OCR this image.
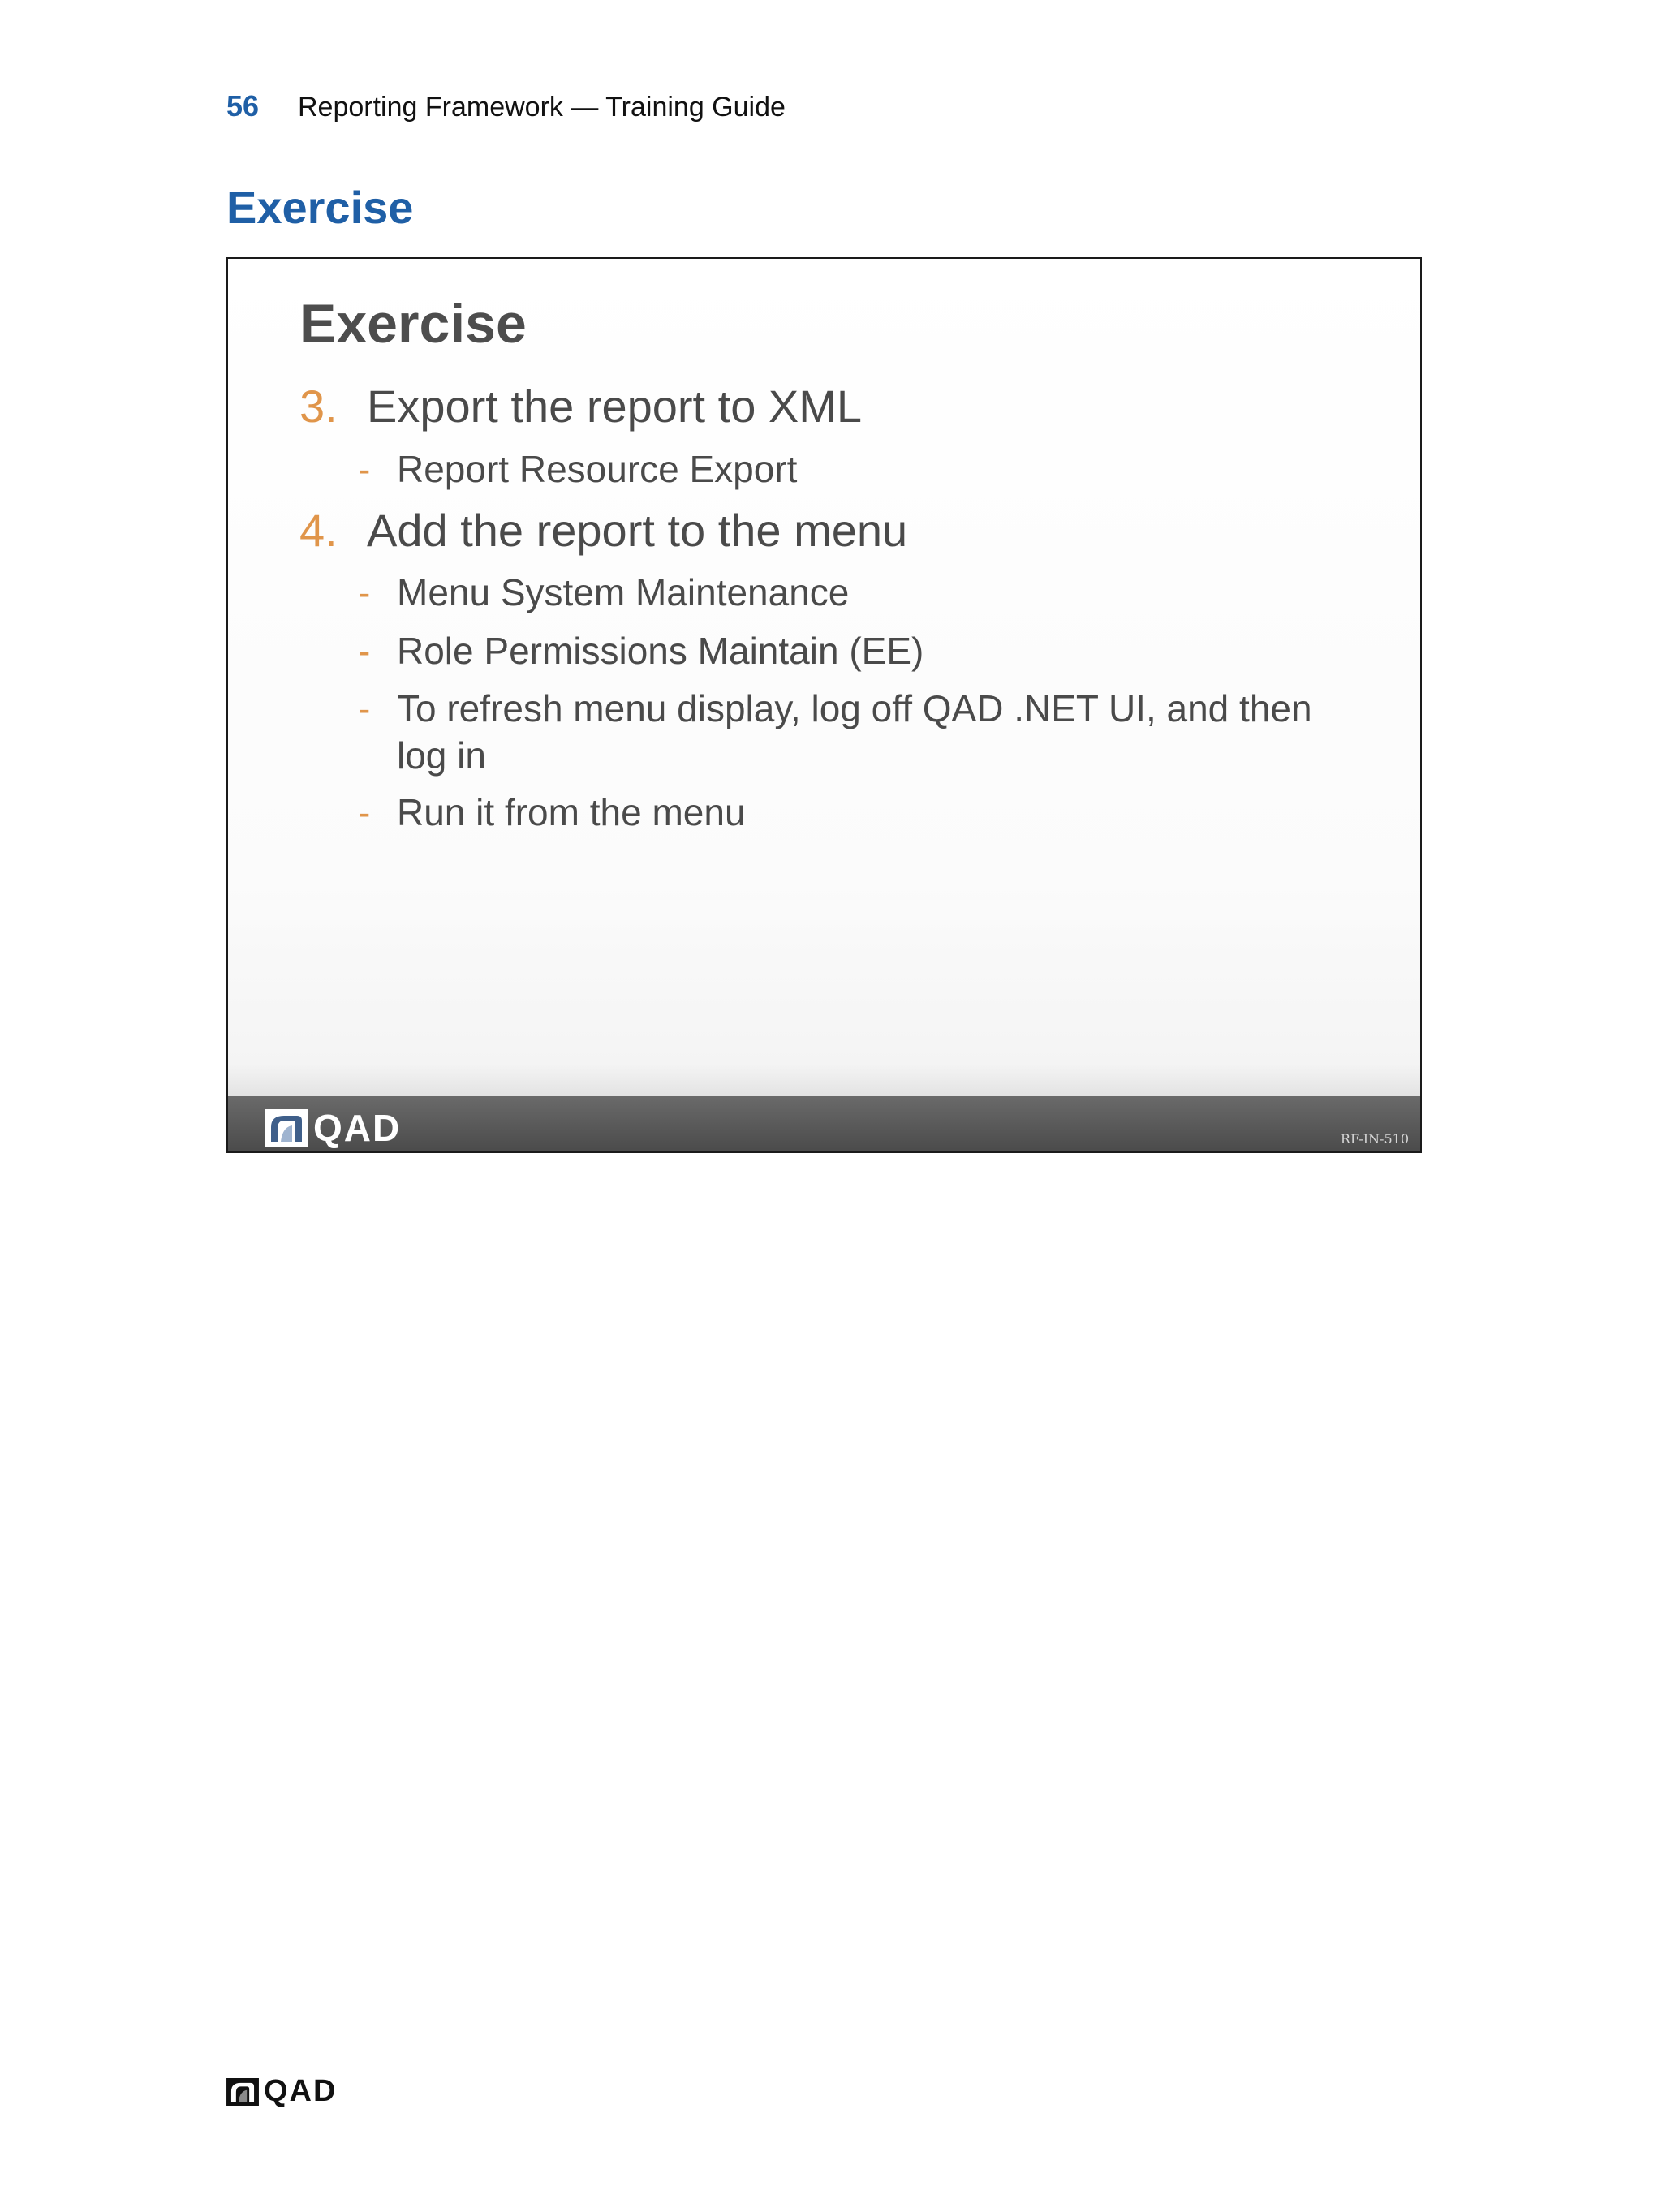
56	Reporting Framework — Training Guide
Exercise
Exercise
3. Export the report to XML
- Report Resource Export
4. Add the report to the menu
- Menu System Maintenance
- Role Permissions Maintain (EE)
- To refresh menu display, log off QAD .NET UI, and then log in
- Run it from the menu
QAD	RF-IN-510
QAD
